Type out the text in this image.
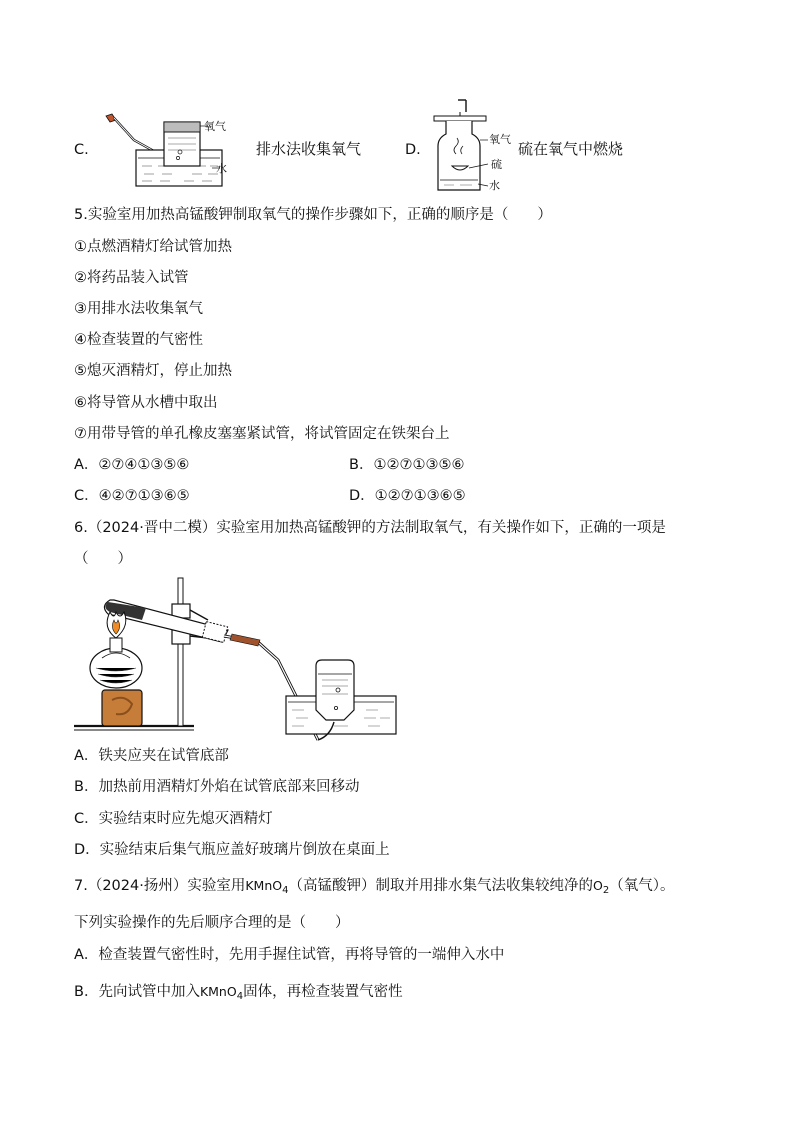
C.
氧气
水
排水法收集氧气	D.
氧气
硫
水
硫在氧气中燃烧
5.实验室用加热高锰酸钾制取氧气的操作步骤如下，正确的顺序是（　　）
①点燃酒精灯给试管加热
②将药品装入试管
③用排水法收集氧气
④检查装置的气密性
⑤熄灭酒精灯，停止加热
⑥将导管从水槽中取出
⑦用带导管的单孔橡皮塞塞紧试管，将试管固定在铁架台上
A．②⑦④①③⑤⑥	B．①②⑦①③⑤⑥
C．④②⑦①③⑥⑤	D．①②⑦①③⑥⑤
6.（2024·晋中二模）实验室用加热高锰酸钾的方法制取氧气，有关操作如下，正确的一项是
（　　）
A．铁夹应夹在试管底部
B．加热前用酒精灯外焰在试管底部来回移动
C．实验结束时应先熄灭酒精灯
D．实验结束后集气瓶应盖好玻璃片倒放在桌面上
7.（2024·扬州）实验室用KMnO$_4$（高锰酸钾）制取并用排水集气法收集较纯净的$O_2$（氧气）。
下列实验操作的先后顺序合理的是（　　）
A．检查装置气密性时，先用手握住试管，再将导管的一端伸入水中
B．先向试管中加入KMnO$_4$固体，再检查装置气密性
